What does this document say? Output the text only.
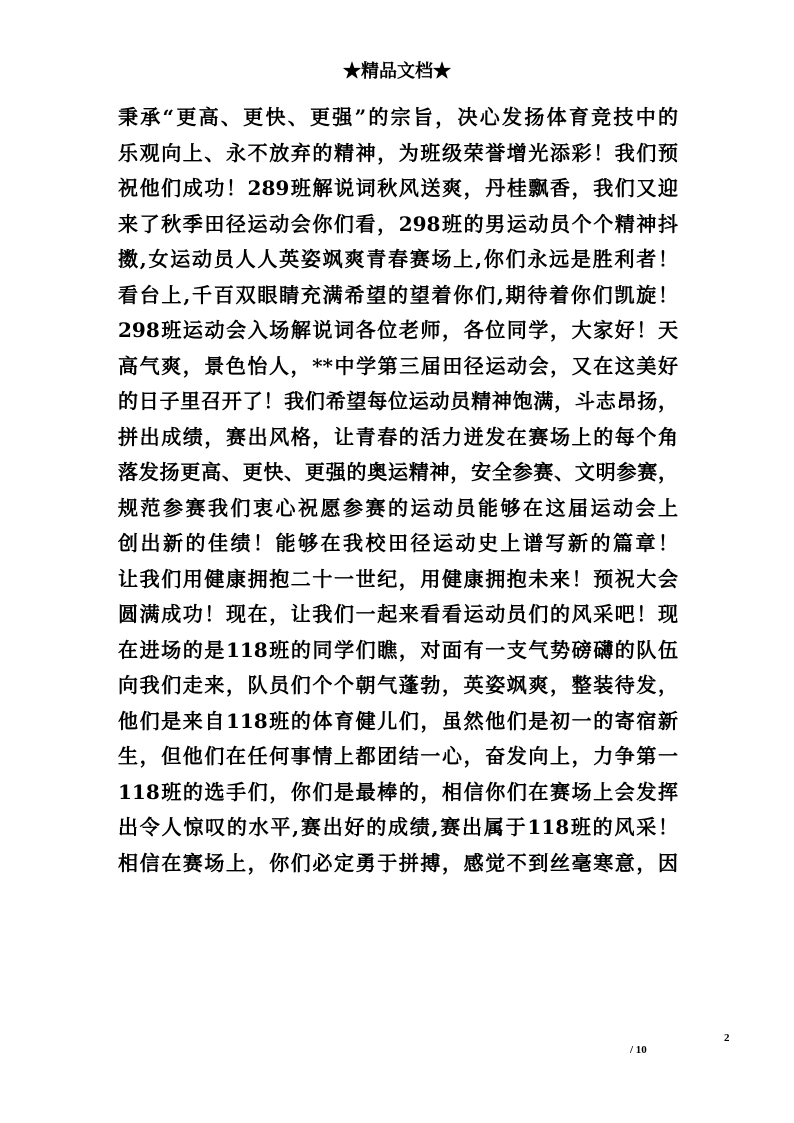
★精品文档★
秉承“更高、更快、更强”的宗旨，决心发扬体育竞技中的
乐观向上、永不放弃的精神，为班级荣誉增光添彩！我们预
祝他们成功！289班解说词秋风送爽，丹桂飘香，我们又迎
来了秋季田径运动会你们看，298班的男运动员个个精神抖
擞,女运动员人人英姿飒爽青春赛场上,你们永远是胜利者！
看台上,千百双眼睛充满希望的望着你们,期待着你们凯旋！
298班运动会入场解说词各位老师，各位同学，大家好！天
高气爽，景色怡人，**中学第三届田径运动会，又在这美好
的日子里召开了！我们希望每位运动员精神饱满，斗志昂扬，
拼出成绩，赛出风格，让青春的活力迸发在赛场上的每个角
落发扬更高、更快、更强的奥运精神，安全参赛、文明参赛，
规范参赛我们衷心祝愿参赛的运动员能够在这届运动会上
创出新的佳绩！能够在我校田径运动史上谱写新的篇章！
让我们用健康拥抱二十一世纪，用健康拥抱未来！预祝大会
圆满成功！现在，让我们一起来看看运动员们的风采吧！现
在进场的是118班的同学们瞧，对面有一支气势磅礴的队伍
向我们走来，队员们个个朝气蓬勃，英姿飒爽，整装待发，
他们是来自118班的体育健儿们，虽然他们是初一的寄宿新
生，但他们在任何事情上都团结一心，奋发向上，力争第一
118班的选手们，你们是最棒的，相信你们在赛场上会发挥
出令人惊叹的水平,赛出好的成绩,赛出属于118班的风采！
相信在赛场上，你们必定勇于拼搏，感觉不到丝毫寒意，因
2
/ 10
